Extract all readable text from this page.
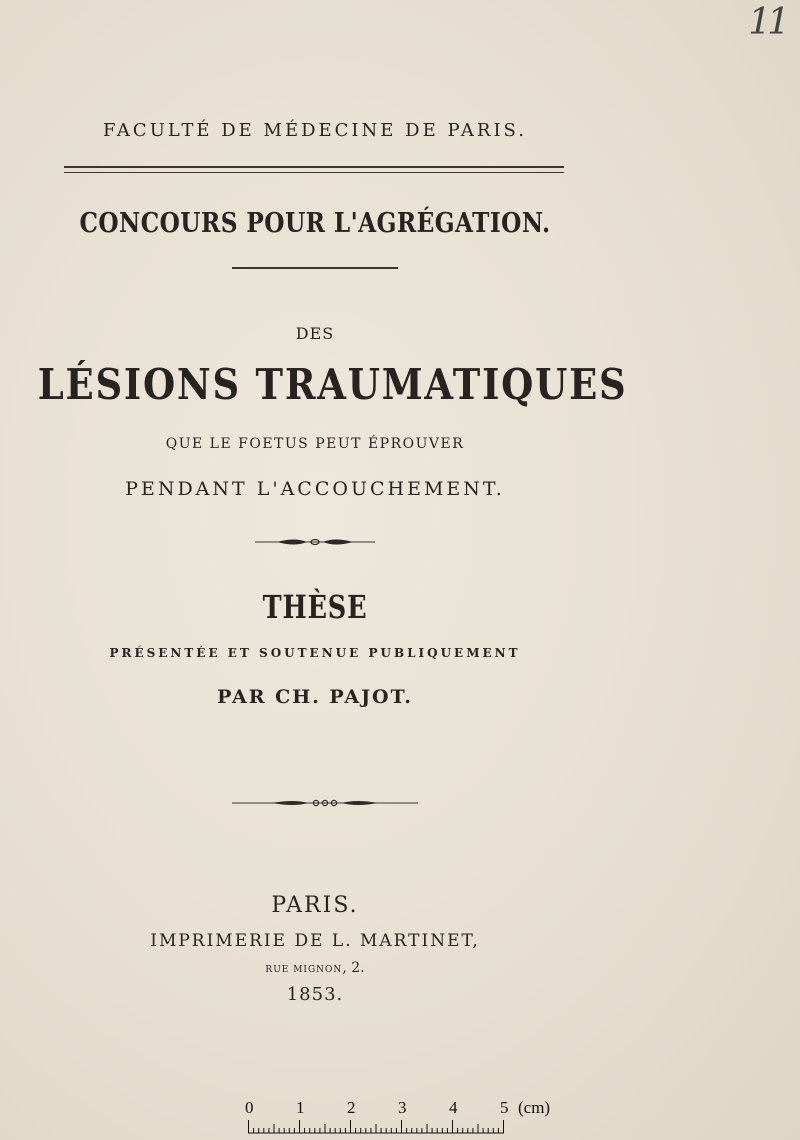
11
FACULTÉ DE MÉDECINE DE PARIS.
CONCOURS POUR L'AGRÉGATION.
DES
LÉSIONS TRAUMATIQUES
QUE LE FOETUS PEUT ÉPROUVER
PENDANT L'ACCOUCHEMENT.
THÈSE
PRÉSENTÉE ET SOUTENUE PUBLIQUEMENT
PAR CH. PAJOT.
PARIS.
IMPRIMERIE DE L. MARTINET,
RUE MIGNON, 2.
1853.
0	1	2	3	4	5 (cm)
